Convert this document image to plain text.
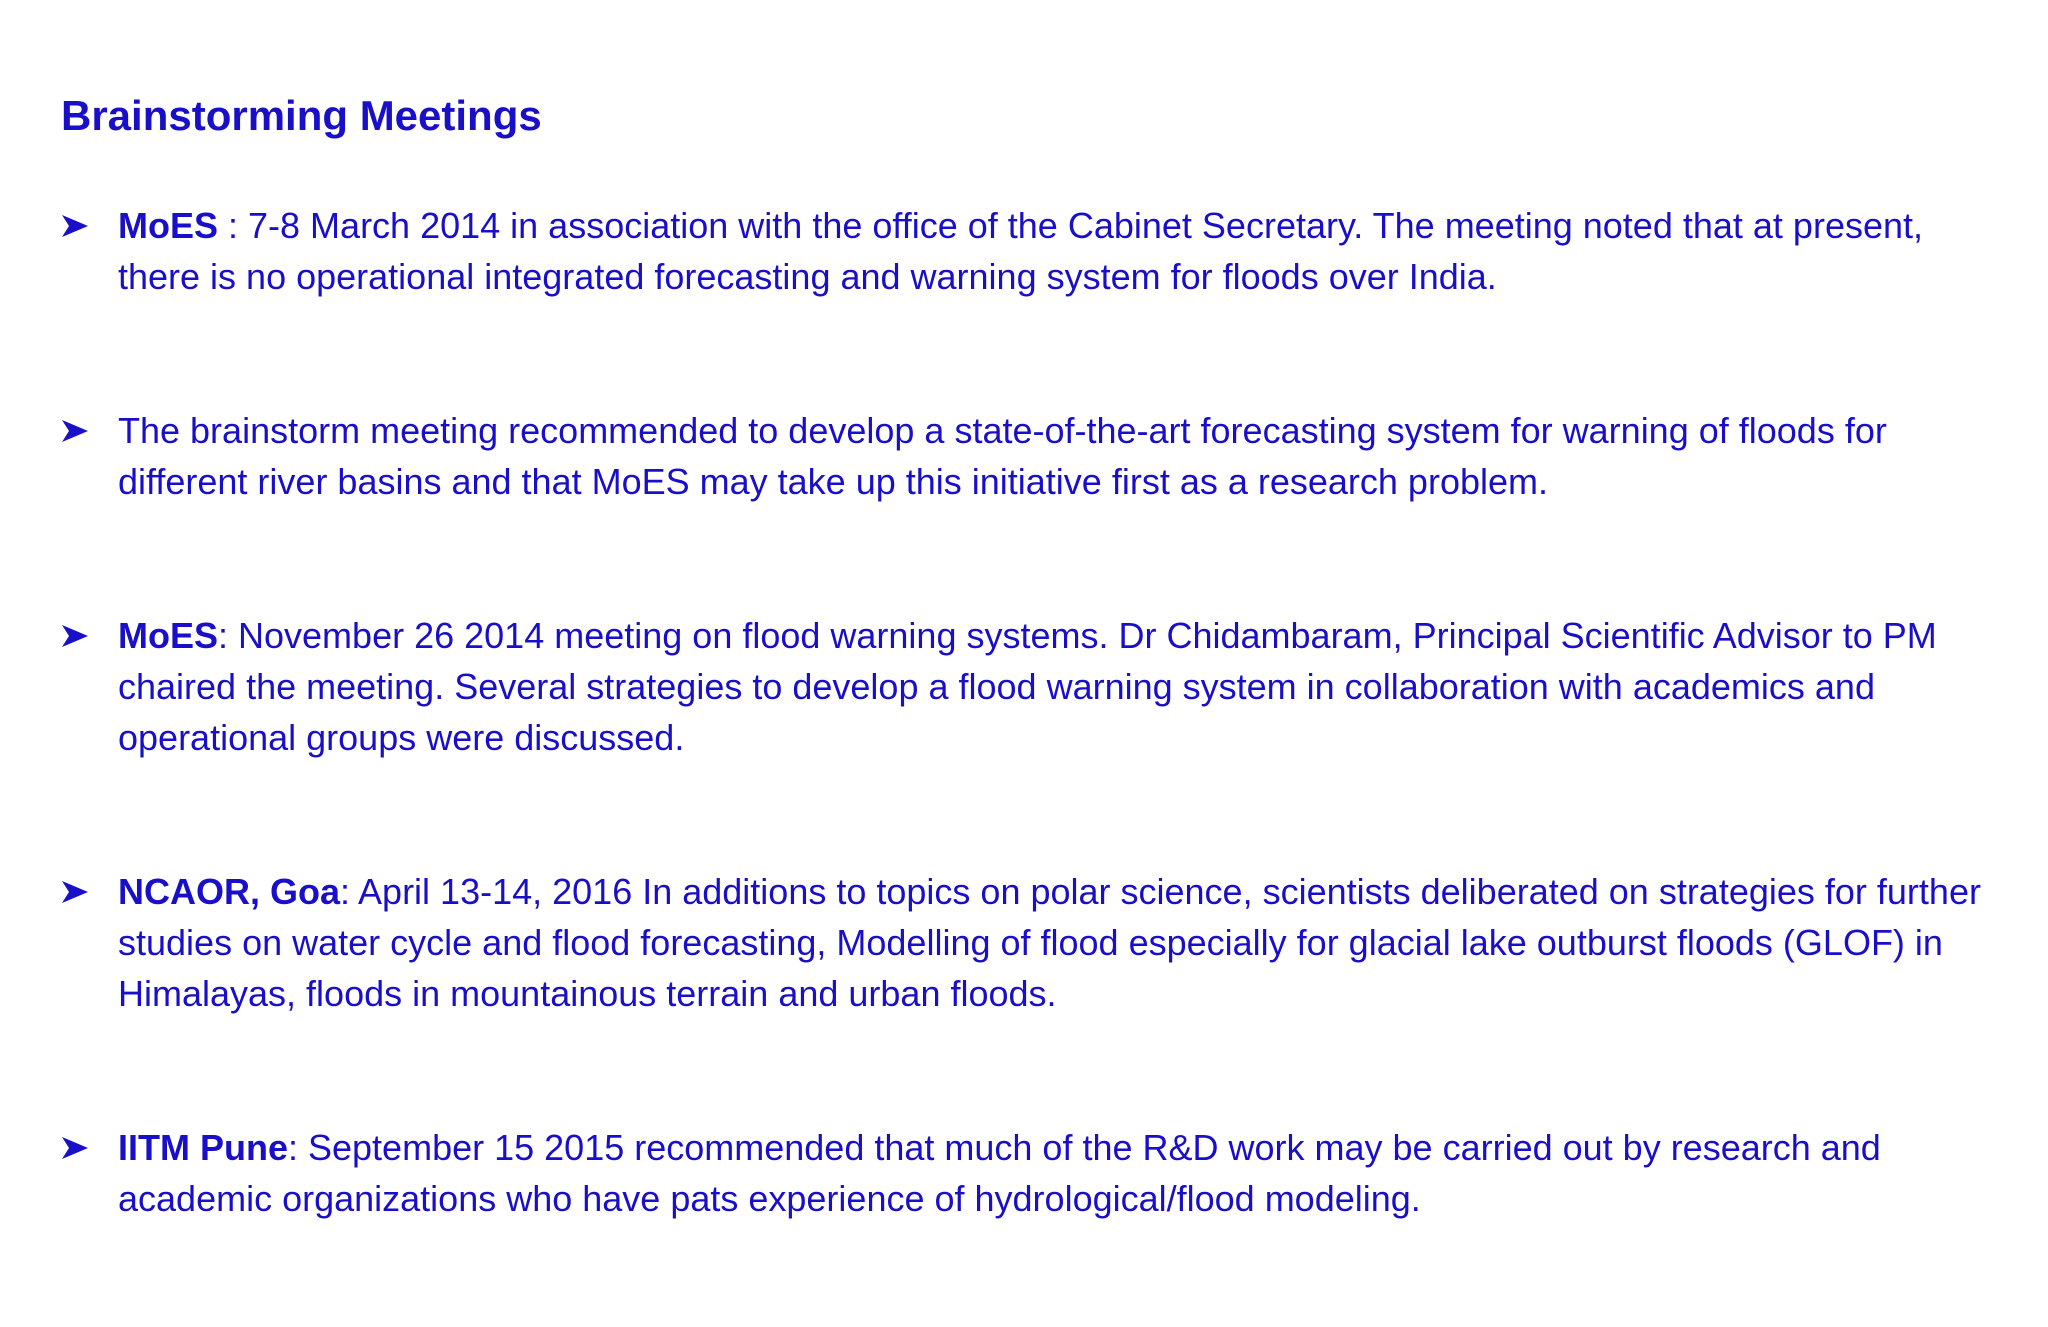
Brainstorming Meetings
MoES : 7-8 March 2014 in association with the office of the Cabinet Secretary. The meeting noted that at present, there is no operational integrated forecasting and warning system for floods over India.
The brainstorm meeting recommended to develop a state-of-the-art forecasting system for warning of floods for different river basins and that MoES may take up this initiative first as a research problem.
MoES: November 26 2014 meeting on flood warning systems. Dr Chidambaram, Principal Scientific Advisor to PM chaired the meeting. Several strategies to develop a flood warning system in collaboration with academics and operational groups were discussed.
NCAOR, Goa: April 13-14, 2016 In additions to topics on polar science, scientists deliberated on strategies for further studies on water cycle and flood forecasting, Modelling of flood especially for glacial lake outburst floods (GLOF) in Himalayas, floods in mountainous terrain and urban floods.
IITM Pune: September 15 2015 recommended that much of the R&D work may be carried out by research and academic organizations who have pats experience of hydrological/flood modeling.
